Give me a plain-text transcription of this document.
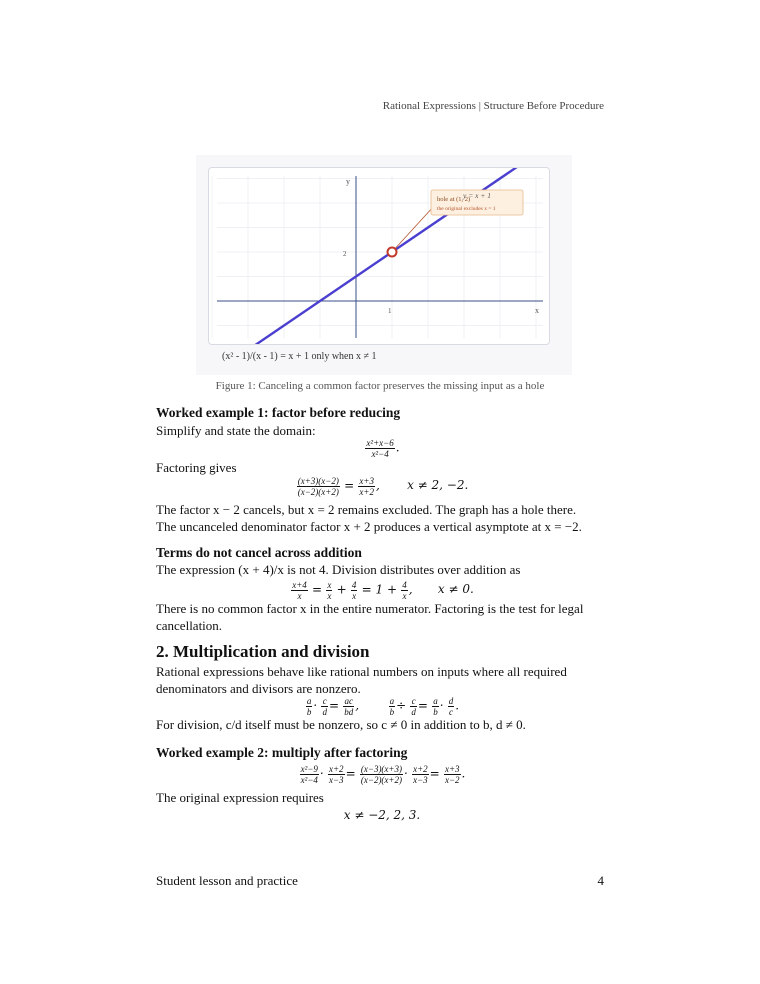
Rational Expressions | Structure Before Procedure
y
x
1
2
hole at (1, 2)
the original excludes x = 1
y = x + 1
(x² - 1)/(x - 1) = x + 1 only when x ≠ 1
Figure 1: Canceling a common factor preserves the missing input as a hole
Worked example 1: factor before reducing
Simplify and state the domain:
$\frac{\text{x²+x−6}}{\text{x²−4}}$ .
Factoring gives
$\frac{(x+3)(x-2)}{(x-2)(x+2)} = \frac{x+3}{x+2}$ , x ≠ 2, −2.
The factor x − 2 cancels, but x = 2 remains excluded. The graph has a hole there.
The uncanceled denominator factor x + 2 produces a vertical asymptote at x = −2.
Terms do not cancel across addition
The expression (x + 4)/x is not 4. Division distributes over addition as
$\frac{x+4}{x} = \frac{x}{x} + \frac{4}{x} = 1 + \frac{4}{x}$ , x ≠ 0.
There is no common factor x in the entire numerator. Factoring is the test for legal cancellation.
2. Multiplication and division
Rational expressions behave like rational numbers on inputs where all required denominators and divisors are nonzero.
$\frac{a}{b} \cdot \frac{c}{d} = \frac{ac}{bd}$ ,	$\frac{a}{b} \div \frac{c}{d} = \frac{a}{b} \cdot \frac{d}{c}$ .
For division, c/d itself must be nonzero, so c ≠ 0 in addition to b, d ≠ 0.
Worked example 2: multiply after factoring
$\frac{\text{x²−9}}{\text{x²−4}} \cdot \frac{x+2}{x-3} = \frac{(x-3)(x+3)}{(x-2)(x+2)} \cdot \frac{x+2}{x-3} = \frac{x+3}{x-2}$ .
The original expression requires
x ≠ −2, 2, 3.
Student lesson and practice	4
